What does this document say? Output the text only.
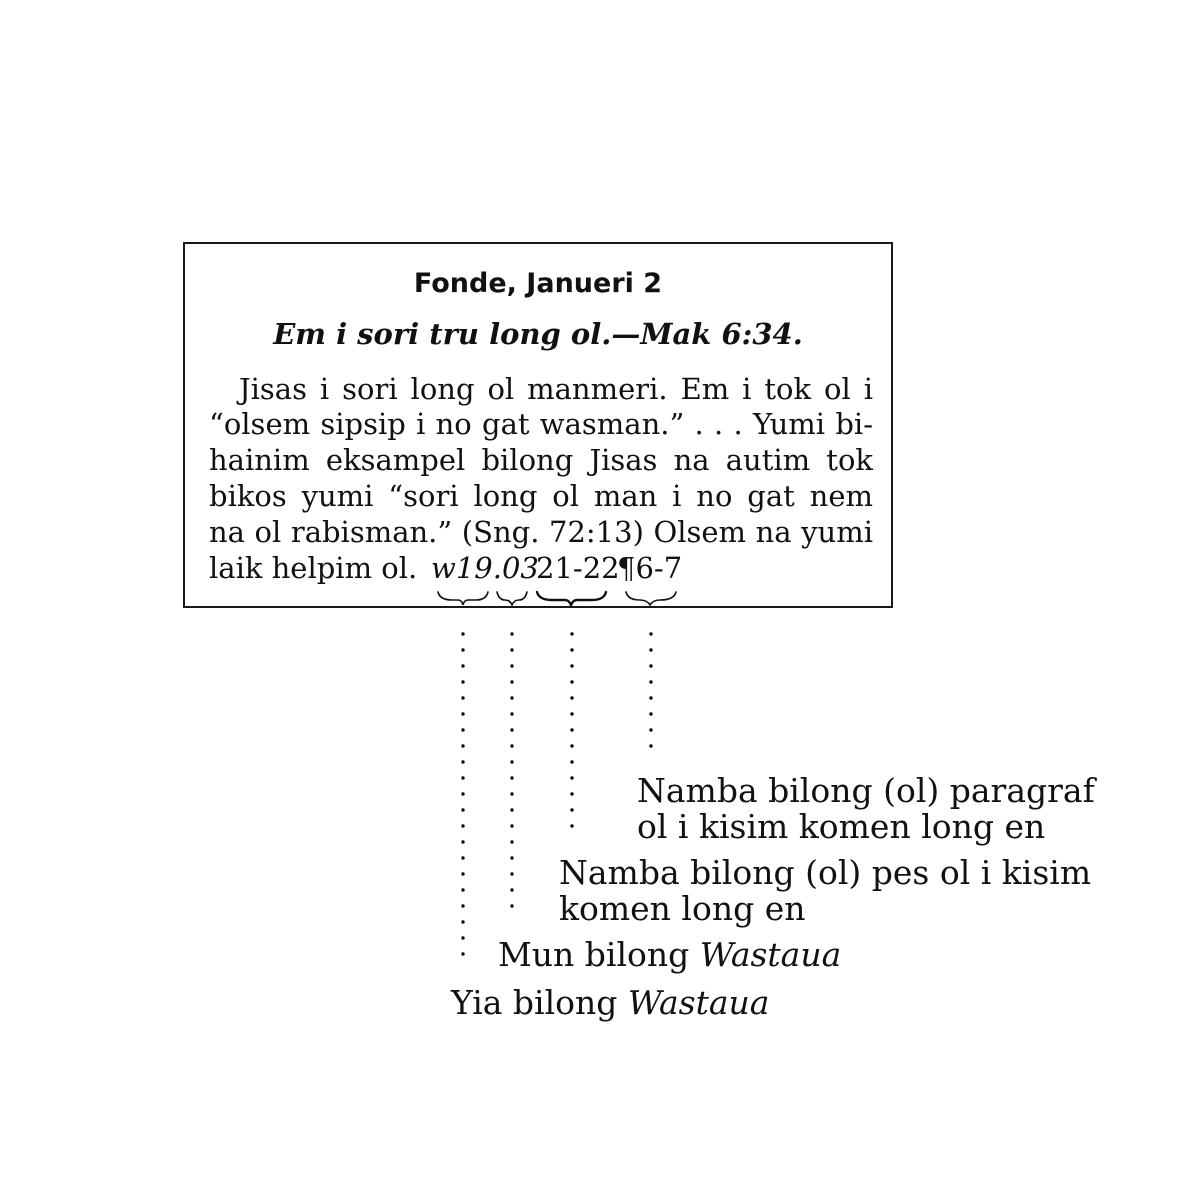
Fonde, Janueri 2
Em i sori tru long ol.—Mak 6:34.
Jisas i sori long ol manmeri. Em i tok ol i
“olsem sipsip i no gat wasman.” . . . Yumi bi-
hainim eksampel bilong Jisas na autim tok
bikos yumi “sori long ol man i no gat nem
na ol rabisman.” (Sng. 72:13) Olsem na yumi
laik helpim ol. w19.03
21-22
¶6-7
Namba bilong (ol) paragraf
ol i kisim komen long en
Namba bilong (ol) pes ol i kisim
komen long en
Mun bilong Wastaua
Yia bilong Wastaua
